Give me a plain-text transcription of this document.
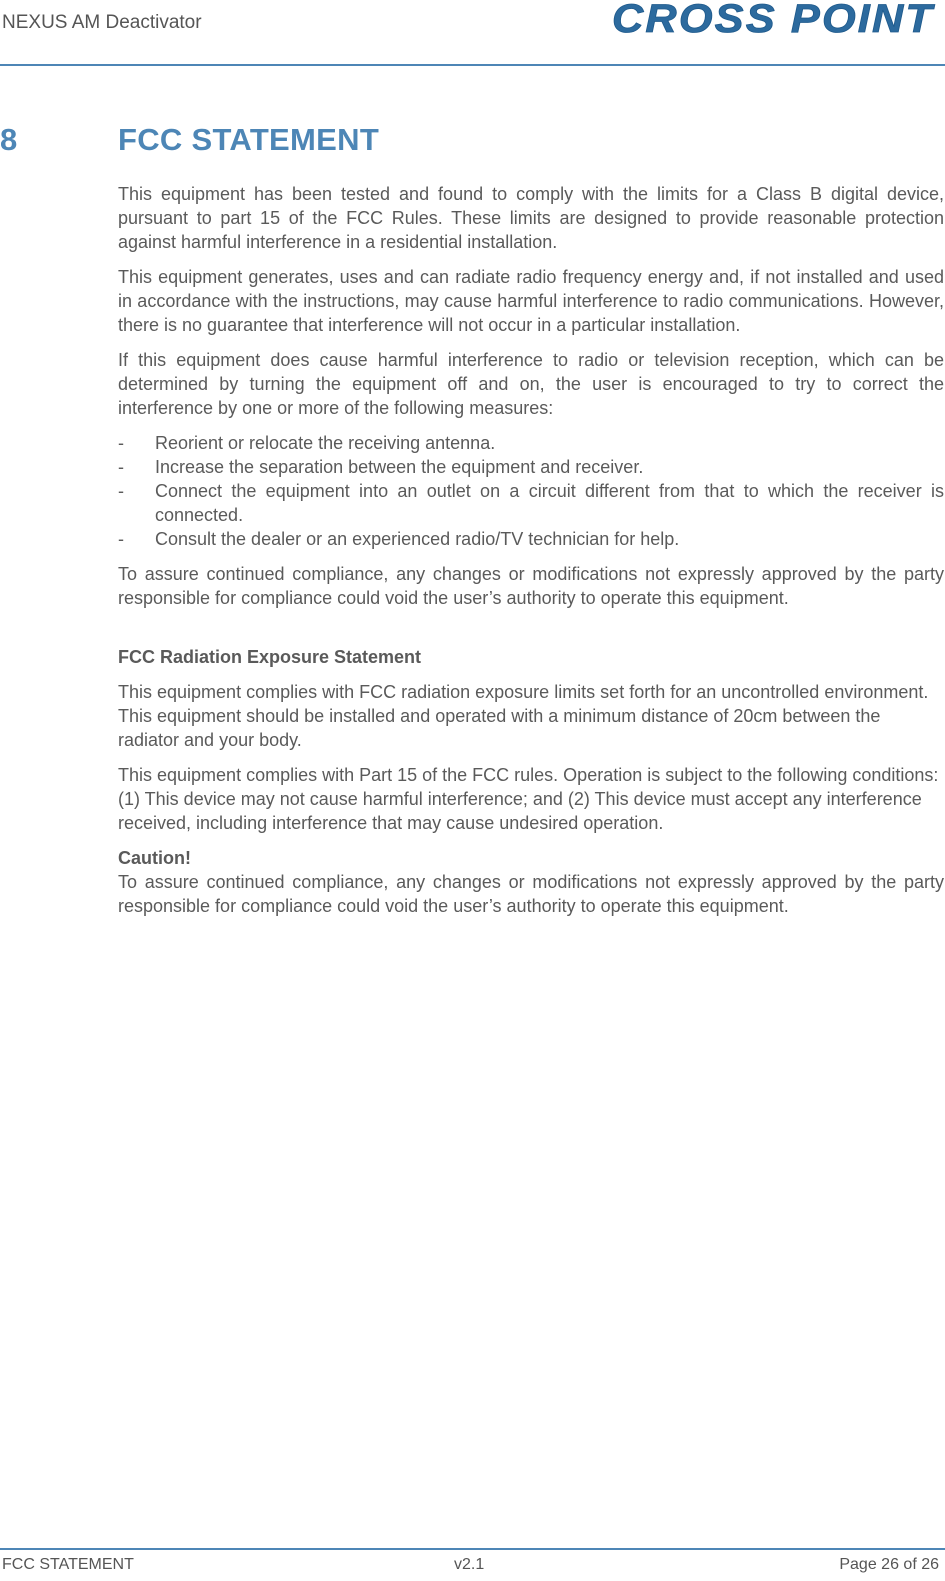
NEXUS AM Deactivator	CROSS POINT
8	FCC STATEMENT

This equipment has been tested and found to comply with the limits for a Class B digital device, pursuant to part 15 of the FCC Rules. These limits are designed to provide reasonable protection against harmful interference in a residential installation.

This equipment generates, uses and can radiate radio frequency energy and, if not installed and used in accordance with the instructions, may cause harmful interference to radio communications. However, there is no guarantee that interference will not occur in a particular installation.

If this equipment does cause harmful interference to radio or television reception, which can be determined by turning the equipment off and on, the user is encouraged to try to correct the interference by one or more of the following measures:

- Reorient or relocate the receiving antenna.
- Increase the separation between the equipment and receiver.
- Connect the equipment into an outlet on a circuit different from that to which the receiver is connected.
- Consult the dealer or an experienced radio/TV technician for help.

To assure continued compliance, any changes or modifications not expressly approved by the party responsible for compliance could void the user’s authority to operate this equipment.

FCC Radiation Exposure Statement

This equipment complies with FCC radiation exposure limits set forth for an uncontrolled environment. This equipment should be installed and operated with a minimum distance of 20cm between the radiator and your body.

This equipment complies with Part 15 of the FCC rules. Operation is subject to the following conditions:
(1) This device may not cause harmful interference; and (2) This device must accept any interference received, including interference that may cause undesired operation.

Caution!
To assure continued compliance, any changes or modifications not expressly approved by the party responsible for compliance could void the user’s authority to operate this equipment.

FCC STATEMENT	v2.1	Page 26 of 26
